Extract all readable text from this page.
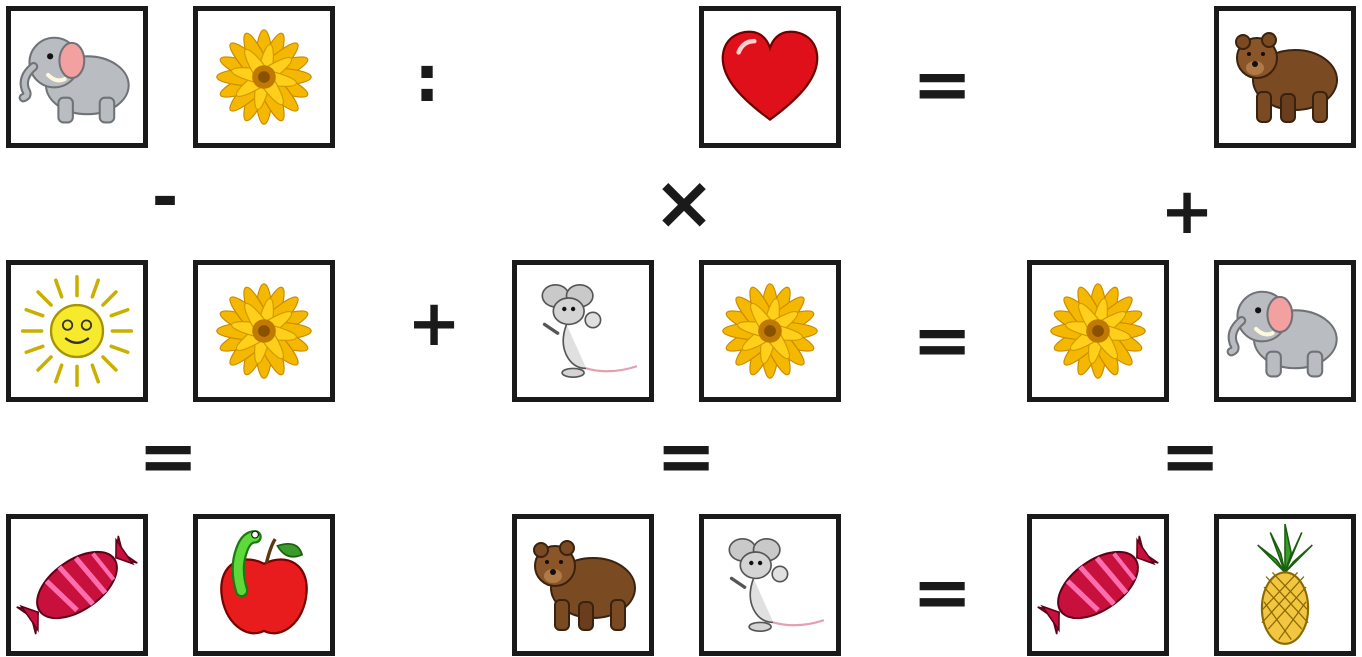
:	=
-	×	+
+	=
=	=	=
=
